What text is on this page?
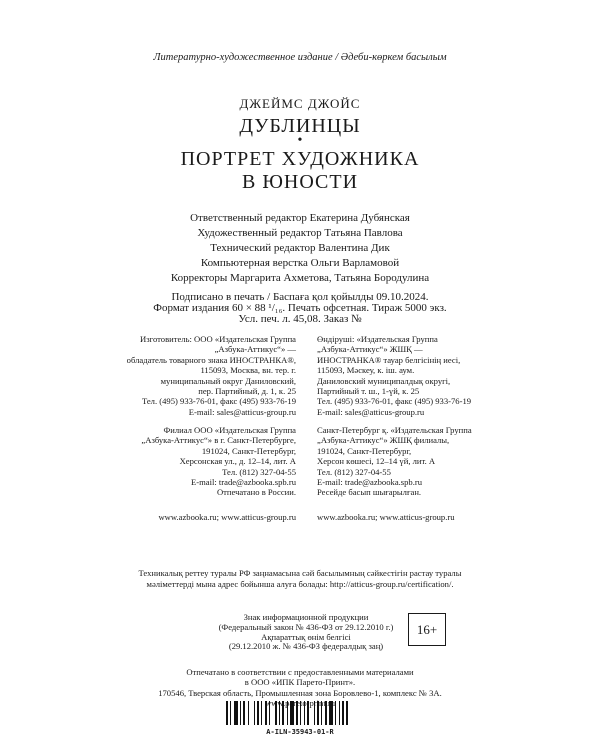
Литературно-художественное издание / Әдеби-көркем басылым
ДЖЕЙМС ДЖОЙС
ДУБЛИНЦЫ
•
ПОРТРЕТ ХУДОЖНИКА
В ЮНОСТИ
Ответственный редактор Екатерина Дубянская
Художественный редактор Татьяна Павлова
Технический редактор Валентина Дик
Компьютерная верстка Ольги Варламовой
Корректоры Маргарита Ахметова, Татьяна Бородулина
Подписано в печать / Баспаға қол қойылды 09.10.2024.
Формат издания 60 × 88 ¹/₁₆. Печать офсетная. Тираж 5000 экз.
Усл. печ. л. 45,08. Заказ №
Изготовитель: ООО «Издательская Группа
„Азбука-Аттикус“» —
обладатель товарного знака ИНОСТРАНКА®,
115093, Москва, вн. тер. г.
муниципальный округ Даниловский,
пер. Партийный, д. 1, к. 25
Тел. (495) 933-76-01, факс (495) 933-76-19
E-mail: sales@atticus-group.ru
Өндіруші: «Издательская Группа
„Азбука-Аттикус“» ЖШҚ —
ИНОСТРАНКА® тауар белгісінің иесі,
115093, Мәскеу, к. іш. аум.
Даниловский муниципалдық округі,
Партийный т. ш., 1-үй, к. 25
Тел. (495) 933-76-01, факс (495) 933-76-19
E-mail: sales@atticus-group.ru
Филиал ООО «Издательская Группа
„Азбука-Аттикус“» в г. Санкт-Петербурге,
191024, Санкт-Петербург,
Херсонская ул., д. 12–14, лит. А
Тел. (812) 327-04-55
E-mail: trade@azbooka.spb.ru
Отпечатано в России.
Санкт-Петербург қ. «Издательская Группа
„Азбука-Аттикус“» ЖШҚ филиалы,
191024, Санкт-Петербург,
Херсон көшесі, 12–14 үй, лит. А
Тел. (812) 327-04-55
E-mail: trade@azbooka.spb.ru
Ресейде басып шығарылған.
www.azbooka.ru; www.atticus-group.ru www.azbooka.ru; www.atticus-group.ru
Техникалық реттеу туралы РФ заңнамасына сәй басылымның сәйкестігін растау туралы
мәліметтерді мына адрес бойынша алуға болады: http://atticus-group.ru/certification/.
Знак информационной продукции
(Федеральный закон № 436-ФЗ от 29.12.2010 г.)
Ақпараттық өнім белгісі
(29.12.2010 ж. № 436-ФЗ федералдық заң)
16+
Отпечатано в соответствии с предоставленными материалами
в ООО «ИПК Парето-Принт».
170546, Тверская область, Промышленная зона Боровлево-1, комплекс № 3А.
A-ILN-35943-01-R
